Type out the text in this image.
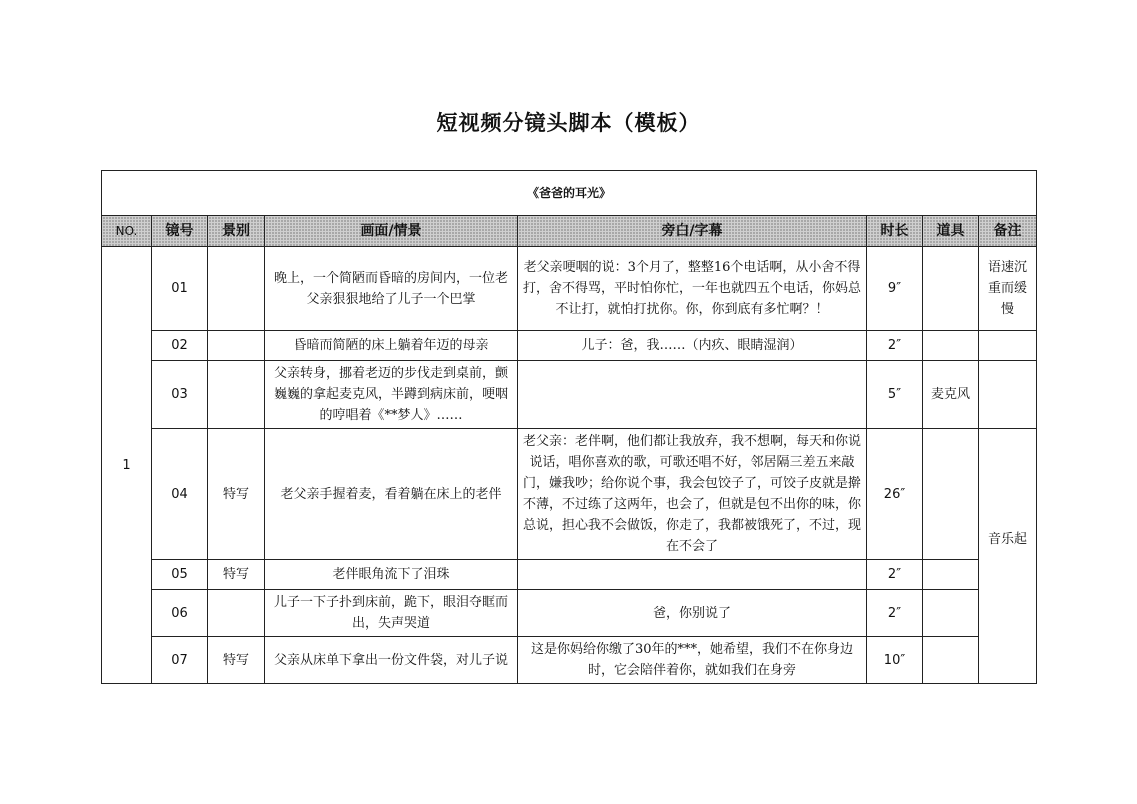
短视频分镜头脚本（模板）
《爸爸的耳光》							
NO.	镜号	景别	画面/情景	旁白/字幕	时长	道具	备注
1	01		晚上，一个简陋而昏暗的房间内，一位老父亲狠狠地给了儿子一个巴掌	老父亲哽咽的说：3个月了，整整16个电话啊，从小舍不得打，舍不得骂，平时怕你忙，一年也就四五个电话，你妈总不让打，就怕打扰你。你，你到底有多忙啊？！	9″		语速沉重而缓慢
	02		昏暗而简陋的床上躺着年迈的母亲	儿子：爸，我……（内疚、眼睛湿润）	2″		
	03		父亲转身，挪着老迈的步伐走到桌前，颤巍巍的拿起麦克风，半蹲到病床前，哽咽的哼唱着《**梦人》……		5″	麦克风	
	04	特写	老父亲手握着麦，看着躺在床上的老伴	老父亲：老伴啊，他们都让我放弃，我不想啊，每天和你说说话，唱你喜欢的歌，可歌还唱不好，邻居隔三差五来敲门，嫌我吵；给你说个事，我会包饺子了，可饺子皮就是擀不薄，不过练了这两年，也会了，但就是包不出你的味，你总说，担心我不会做饭，你走了，我都被饿死了，不过，现在不会了	26″		音乐起
	05	特写	老伴眼角流下了泪珠		2″		
	06		儿子一下子扑到床前，跪下，眼泪夺眶而出，失声哭道	爸，你别说了	2″		
	07	特写	父亲从床单下拿出一份文件袋，对儿子说	这是你妈给你缴了30年的***，她希望，我们不在你身边时，它会陪伴着你，就如我们在身旁	10″		
